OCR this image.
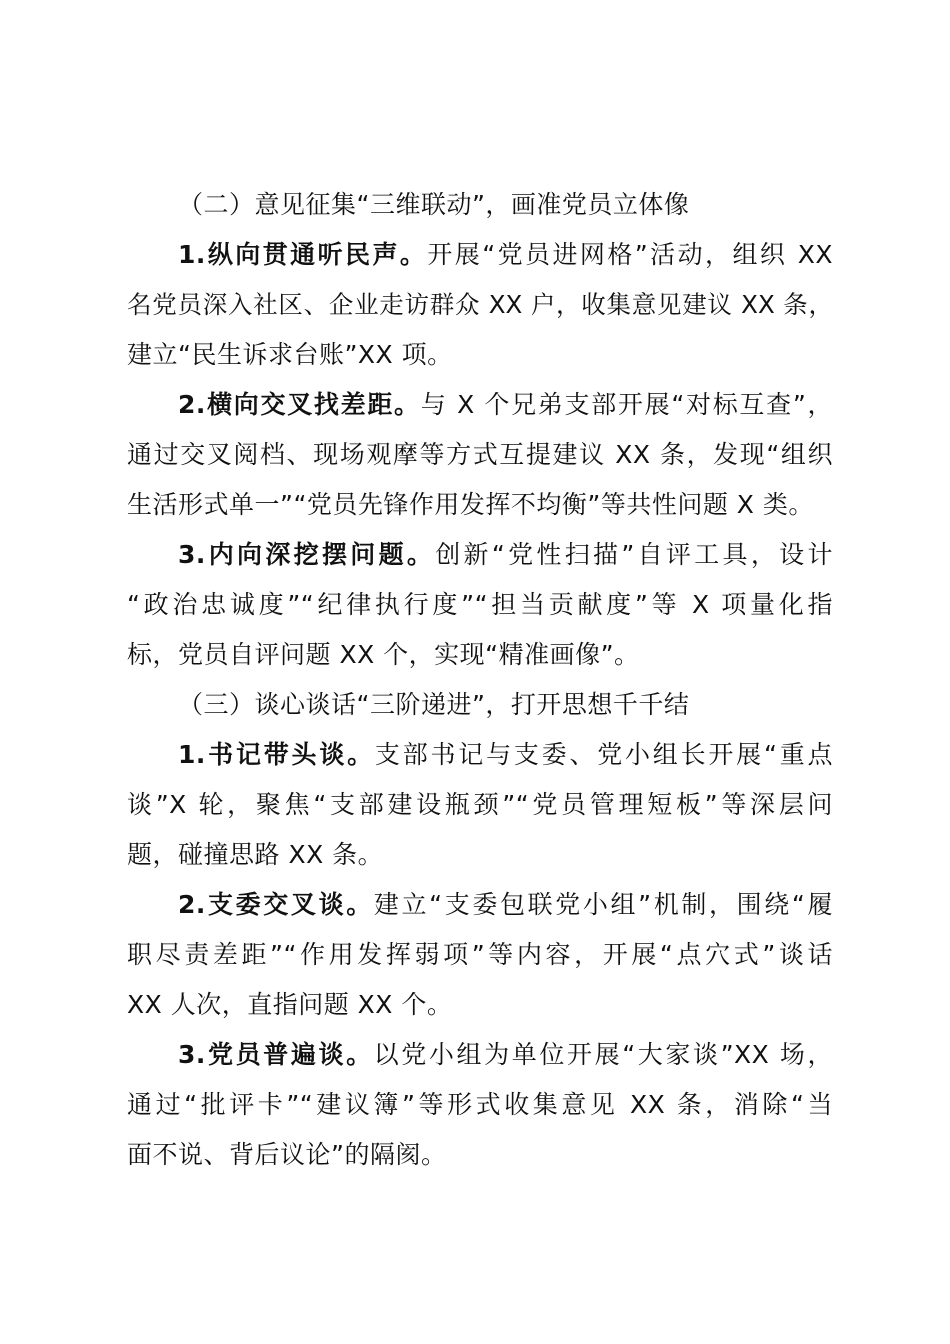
（二）意见征集“三维联动”，画准党员立体像
1.纵向贯通听民声。开展“党员进网格”活动，组织 XX
名党员深入社区、企业走访群众 XX 户，收集意见建议 XX 条，
建立“民生诉求台账”XX 项。
2.横向交叉找差距。与 X 个兄弟支部开展“对标互查”，
通过交叉阅档、现场观摩等方式互提建议 XX 条，发现“组织
生活形式单一”“党员先锋作用发挥不均衡”等共性问题 X 类。
3.内向深挖摆问题。创新“党性扫描”自评工具，设计
“政治忠诚度”“纪律执行度”“担当贡献度”等 X 项量化指
标，党员自评问题 XX 个，实现“精准画像”。
（三）谈心谈话“三阶递进”，打开思想千千结
1.书记带头谈。支部书记与支委、党小组长开展“重点
谈”X 轮，聚焦“支部建设瓶颈”“党员管理短板”等深层问
题，碰撞思路 XX 条。
2.支委交叉谈。建立“支委包联党小组”机制，围绕“履
职尽责差距”“作用发挥弱项”等内容，开展“点穴式”谈话
XX 人次，直指问题 XX 个。
3.党员普遍谈。以党小组为单位开展“大家谈”XX 场，
通过“批评卡”“建议簿”等形式收集意见 XX 条，消除“当
面不说、背后议论”的隔阂。
